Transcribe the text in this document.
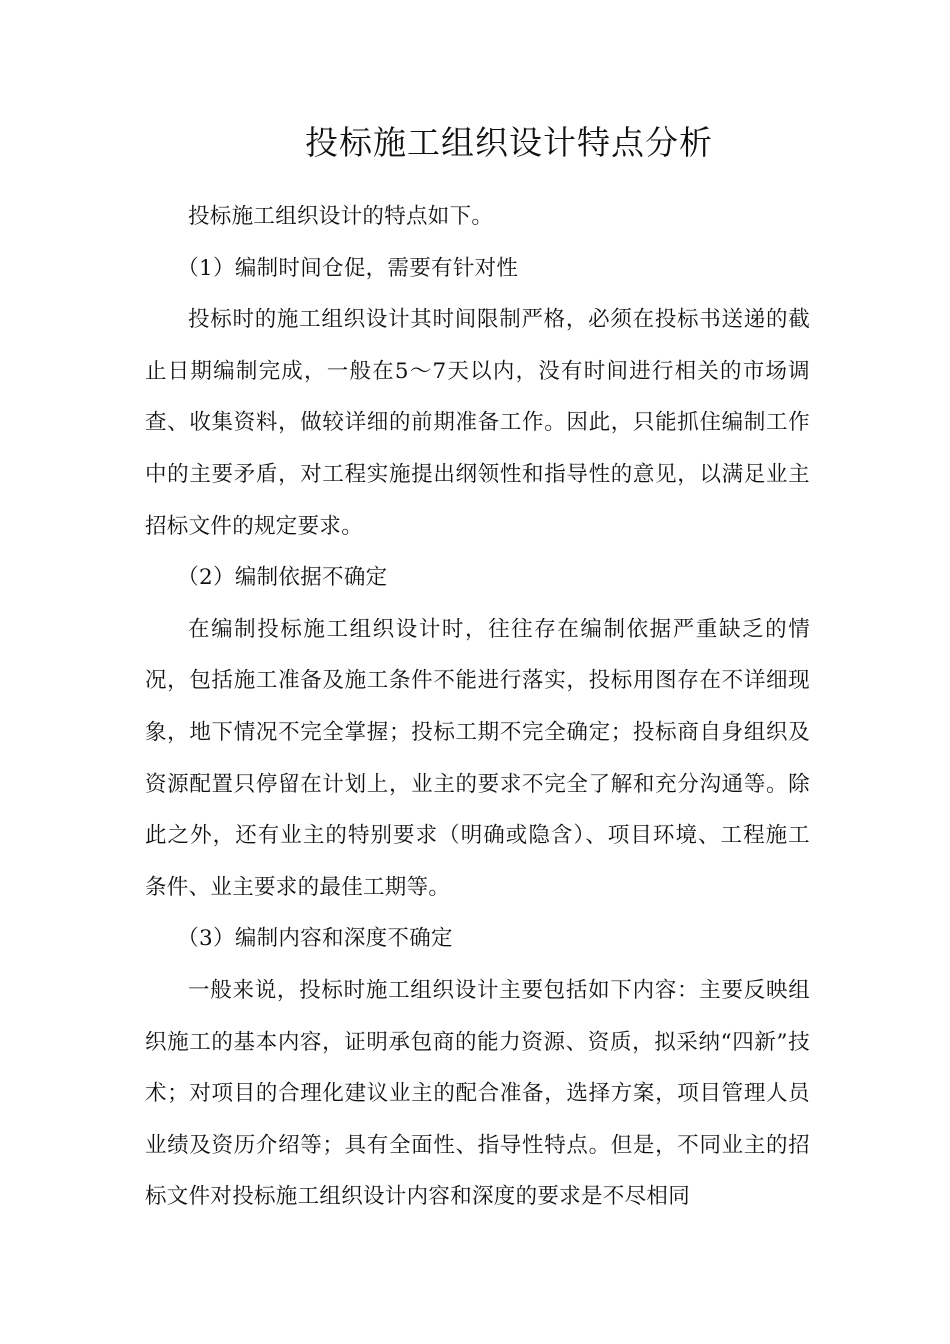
投标施工组织设计特点分析

投标施工组织设计的特点如下。

（1）编制时间仓促，需要有针对性

投标时的施工组织设计其时间限制严格，必须在投标书送递的截止日期编制完成，一般在5～7天以内，没有时间进行相关的市场调查、收集资料，做较详细的前期准备工作。因此，只能抓住编制工作中的主要矛盾，对工程实施提出纲领性和指导性的意见，以满足业主招标文件的规定要求。

（2）编制依据不确定

在编制投标施工组织设计时，往往存在编制依据严重缺乏的情况，包括施工准备及施工条件不能进行落实，投标用图存在不详细现象，地下情况不完全掌握；投标工期不完全确定；投标商自身组织及资源配置只停留在计划上，业主的要求不完全了解和充分沟通等。除此之外，还有业主的特别要求（明确或隐含）、项目环境、工程施工条件、业主要求的最佳工期等。

（3）编制内容和深度不确定

一般来说，投标时施工组织设计主要包括如下内容：主要反映组织施工的基本内容，证明承包商的能力资源、资质，拟采纳“四新”技术；对项目的合理化建议业主的配合准备，选择方案，项目管理人员业绩及资历介绍等；具有全面性、指导性特点。但是，不同业主的招标文件对投标施工组织设计内容和深度的要求是不尽相同
